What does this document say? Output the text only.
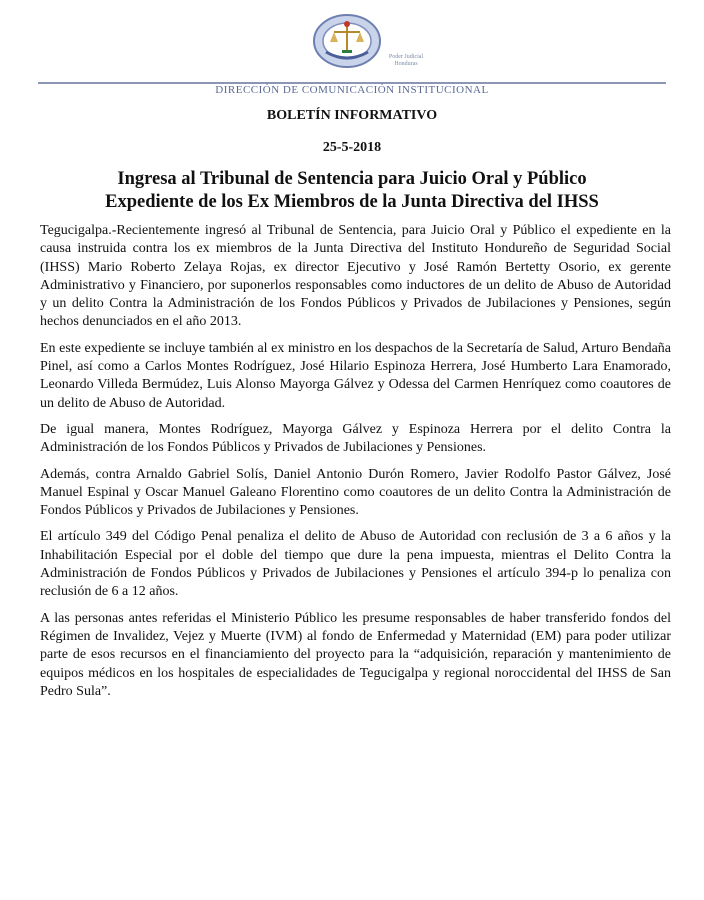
Poder Judicial Honduras
DIRECCIÓN DE COMUNICACIÓN INSTITUCIONAL
BOLETÍN INFORMATIVO
25-5-2018
Ingresa al Tribunal de Sentencia para Juicio Oral y Público
Expediente de los Ex Miembros de la Junta Directiva del IHSS

Tegucigalpa.-Recientemente ingresó al Tribunal de Sentencia, para Juicio Oral y Público el expediente en la causa instruida contra los ex miembros de la Junta Directiva del Instituto Hondureño de Seguridad Social (IHSS) Mario Roberto Zelaya Rojas, ex director Ejecutivo y José Ramón Bertetty Osorio, ex gerente Administrativo y Financiero, por suponerlos responsables como inductores de un delito de Abuso de Autoridad y un delito Contra la Administración de los Fondos Públicos y Privados de Jubilaciones y Pensiones, según hechos denunciados en el año 2013.

En este expediente se incluye también al ex ministro en los despachos de la Secretaría de Salud, Arturo Bendaña Pinel, así como a Carlos Montes Rodríguez, José Hilario Espinoza Herrera, José Humberto Lara Enamorado, Leonardo Villeda Bermúdez, Luis Alonso Mayorga Gálvez y Odessa del Carmen Henríquez como coautores de un delito de Abuso de Autoridad.

De igual manera, Montes Rodríguez, Mayorga Gálvez y Espinoza Herrera por el delito Contra la Administración de los Fondos Públicos y Privados de Jubilaciones y Pensiones.

Además, contra Arnaldo Gabriel Solís, Daniel Antonio Durón Romero, Javier Rodolfo Pastor Gálvez, José Manuel Espinal y Oscar Manuel Galeano Florentino como coautores de un delito Contra la Administración de Fondos Públicos y Privados de Jubilaciones y Pensiones.

El artículo 349 del Código Penal penaliza el delito de Abuso de Autoridad con reclusión de 3 a 6 años y la Inhabilitación Especial por el doble del tiempo que dure la pena impuesta, mientras el Delito Contra la Administración de Fondos Públicos y Privados de Jubilaciones y Pensiones el artículo 394-p lo penaliza con reclusión de 6 a 12 años.

A las personas antes referidas el Ministerio Público les presume responsables de haber transferido fondos del Régimen de Invalidez, Vejez y Muerte (IVM) al fondo de Enfermedad y Maternidad (EM) para poder utilizar parte de esos recursos en el financiamiento del proyecto para la “adquisición, reparación y mantenimiento de equipos médicos en los hospitales de especialidades de Tegucigalpa y regional noroccidental del IHSS de San Pedro Sula”.
